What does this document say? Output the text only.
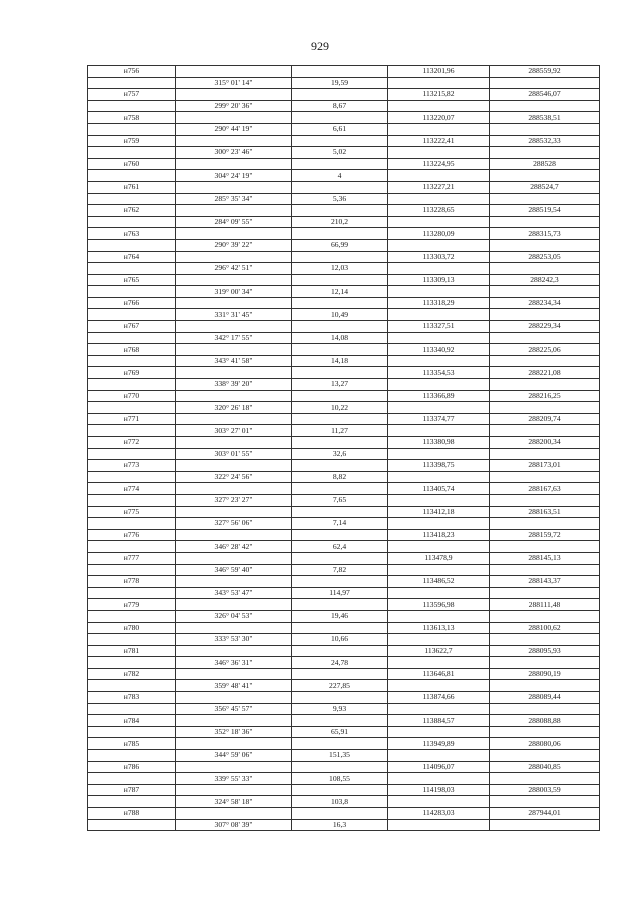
929
н756			113201,96	288559,92
	315° 01' 14"	19,59		
н757			113215,82	288546,07
	299° 20' 36"	8,67		
н758			113220,07	288538,51
	290° 44' 19"	6,61		
н759			113222,41	288532,33
	300° 23' 46"	5,02		
н760			113224,95	288528
	304° 24' 19"	4		
н761			113227,21	288524,7
	285° 35' 34"	5,36		
н762			113228,65	288519,54
	284° 09' 55"	210,2		
н763			113280,09	288315,73
	290° 39' 22"	66,99		
н764			113303,72	288253,05
	296° 42' 51"	12,03		
н765			113309,13	288242,3
	319° 00' 34"	12,14		
н766			113318,29	288234,34
	331° 31' 45"	10,49		
н767			113327,51	288229,34
	342° 17' 55"	14,08		
н768			113340,92	288225,06
	343° 41' 58"	14,18		
н769			113354,53	288221,08
	338° 39' 20"	13,27		
н770			113366,89	288216,25
	320° 26' 18"	10,22		
н771			113374,77	288209,74
	303° 27' 01"	11,27		
н772			113380,98	288200,34
	303° 01' 55"	32,6		
н773			113398,75	288173,01
	322° 24' 56"	8,82		
н774			113405,74	288167,63
	327° 23' 27"	7,65		
н775			113412,18	288163,51
	327° 56' 06"	7,14		
н776			113418,23	288159,72
	346° 28' 42"	62,4		
н777			113478,9	288145,13
	346° 59' 40"	7,82		
н778			113486,52	288143,37
	343° 53' 47"	114,97		
н779			113596,98	288111,48
	326° 04' 53"	19,46		
н780			113613,13	288100,62
	333° 53' 30"	10,66		
н781			113622,7	288095,93
	346° 36' 31"	24,78		
н782			113646,81	288090,19
	359° 48' 41"	227,85		
н783			113874,66	288089,44
	356° 45' 57"	9,93		
н784			113884,57	288088,88
	352° 18' 36"	65,91		
н785			113949,89	288080,06
	344° 59' 06"	151,35		
н786			114096,07	288040,85
	339° 55' 33"	108,55		
н787			114198,03	288003,59
	324° 58' 18"	103,8		
н788			114283,03	287944,01
	307° 08' 39"	16,3		
